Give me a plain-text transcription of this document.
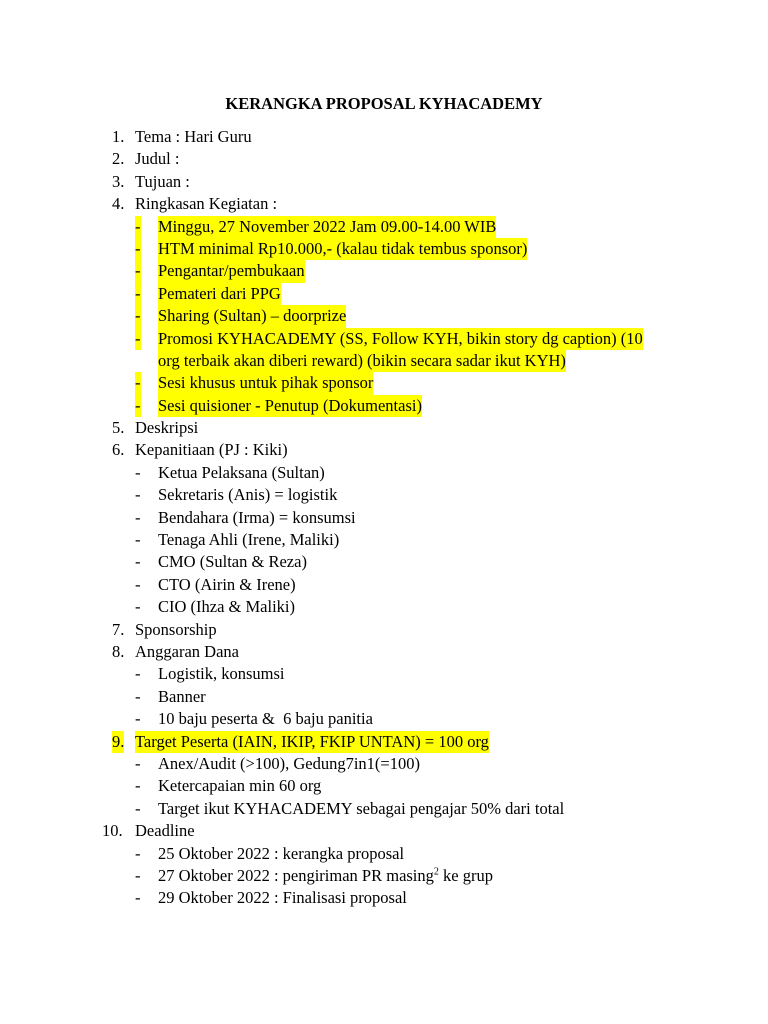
KERANGKA PROPOSAL KYHACADEMY
1. Tema : Hari Guru
2. Judul :
3. Tujuan :
4. Ringkasan Kegiatan :
- Minggu, 27 November 2022 Jam 09.00-14.00 WIB
- HTM minimal Rp10.000,- (kalau tidak tembus sponsor)
- Pengantar/pembukaan
- Pemateri dari PPG
- Sharing (Sultan) – doorprize
- Promosi KYHACADEMY (SS, Follow KYH, bikin story dg caption) (10
org terbaik akan diberi reward) (bikin secara sadar ikut KYH)
- Sesi khusus untuk pihak sponsor
- Sesi quisioner - Penutup (Dokumentasi)
5. Deskripsi
6. Kepanitiaan (PJ : Kiki)
- Ketua Pelaksana (Sultan)
- Sekretaris (Anis) = logistik
- Bendahara (Irma) = konsumsi
- Tenaga Ahli (Irene, Maliki)
- CMO (Sultan & Reza)
- CTO (Airin & Irene)
- CIO (Ihza & Maliki)
7. Sponsorship
8. Anggaran Dana
- Logistik, konsumsi
- Banner
- 10 baju peserta &  6 baju panitia
9. Target Peserta (IAIN, IKIP, FKIP UNTAN) = 100 org
- Anex/Audit (>100), Gedung7in1(=100)
- Ketercapaian min 60 org
- Target ikut KYHACADEMY sebagai pengajar 50% dari total
10. Deadline
- 25 Oktober 2022 : kerangka proposal
- 27 Oktober 2022 : pengiriman PR masing$^2$ ke grup
- 29 Oktober 2022 : Finalisasi proposal
